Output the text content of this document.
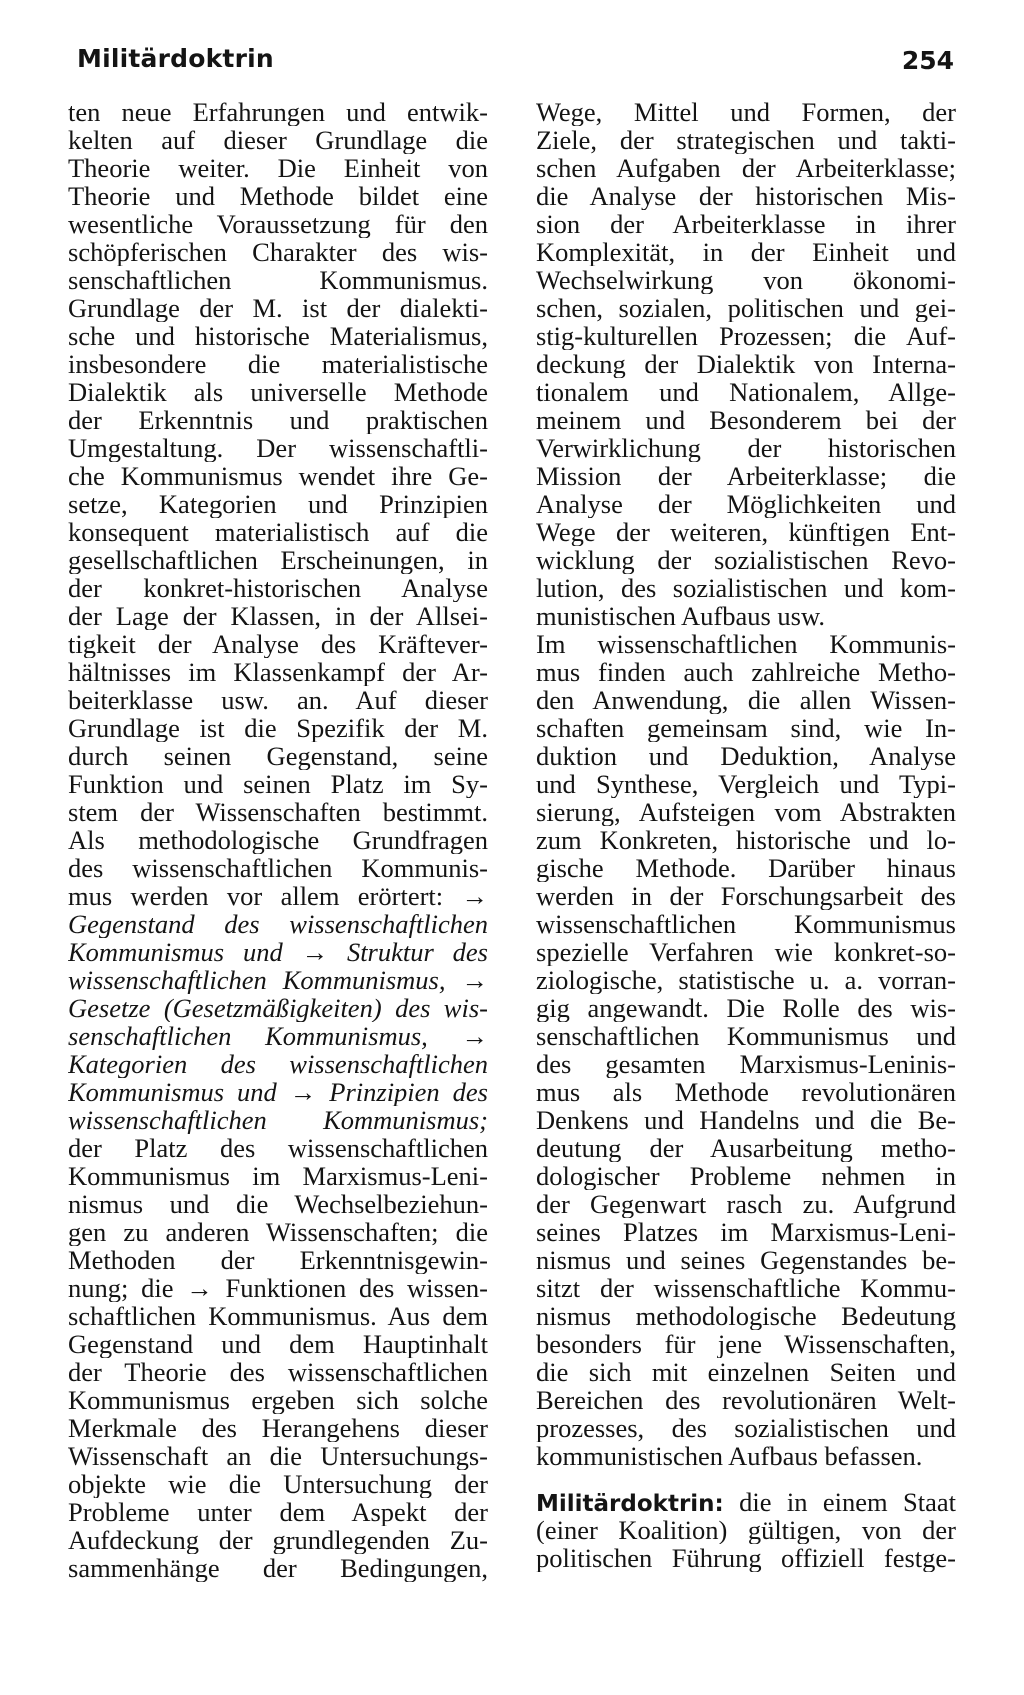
Militärdoktrin	254
ten neue Erfahrungen und entwik-
kelten auf dieser Grundlage die
Theorie weiter. Die Einheit von
Theorie und Methode bildet eine
wesentliche Voraussetzung für den
schöpferischen Charakter des wis-
senschaftlichen Kommunismus.
Grundlage der M. ist der dialekti-
sche und historische Materialismus,
insbesondere die materialistische
Dialektik als universelle Methode
der Erkenntnis und praktischen
Umgestaltung. Der wissenschaftli-
che Kommunismus wendet ihre Ge-
setze, Kategorien und Prinzipien
konsequent materialistisch auf die
gesellschaftlichen Erscheinungen, in
der konkret-historischen Analyse
der Lage der Klassen, in der Allsei-
tigkeit der Analyse des Kräftever-
hältnisses im Klassenkampf der Ar-
beiterklasse usw. an. Auf dieser
Grundlage ist die Spezifik der M.
durch seinen Gegenstand, seine
Funktion und seinen Platz im Sy-
stem der Wissenschaften bestimmt.
Als methodologische Grundfragen
des wissenschaftlichen Kommunis-
mus werden vor allem erörtert: →
Gegenstand des wissenschaftlichen
Kommunismus und → Struktur des
wissenschaftlichen Kommunismus, →
Gesetze (Gesetzmäßigkeiten) des wis-
senschaftlichen Kommunismus, →
Kategorien des wissenschaftlichen
Kommunismus und → Prinzipien des
wissenschaftlichen Kommunismus;
der Platz des wissenschaftlichen
Kommunismus im Marxismus-Leni-
nismus und die Wechselbeziehun-
gen zu anderen Wissenschaften; die
Methoden der Erkenntnisgewin-
nung; die → Funktionen des wissen-
schaftlichen Kommunismus. Aus dem
Gegenstand und dem Hauptinhalt
der Theorie des wissenschaftlichen
Kommunismus ergeben sich solche
Merkmale des Herangehens dieser
Wissenschaft an die Untersuchungs-
objekte wie die Untersuchung der
Probleme unter dem Aspekt der
Aufdeckung der grundlegenden Zu-
sammenhänge der Bedingungen,
Wege, Mittel und Formen, der
Ziele, der strategischen und takti-
schen Aufgaben der Arbeiterklasse;
die Analyse der historischen Mis-
sion der Arbeiterklasse in ihrer
Komplexität, in der Einheit und
Wechselwirkung von ökonomi-
schen, sozialen, politischen und gei-
stig-kulturellen Prozessen; die Auf-
deckung der Dialektik von Interna-
tionalem und Nationalem, Allge-
meinem und Besonderem bei der
Verwirklichung der historischen
Mission der Arbeiterklasse; die
Analyse der Möglichkeiten und
Wege der weiteren, künftigen Ent-
wicklung der sozialistischen Revo-
lution, des sozialistischen und kom-
munistischen Aufbaus usw.
Im wissenschaftlichen Kommunis-
mus finden auch zahlreiche Metho-
den Anwendung, die allen Wissen-
schaften gemeinsam sind, wie In-
duktion und Deduktion, Analyse
und Synthese, Vergleich und Typi-
sierung, Aufsteigen vom Abstrakten
zum Konkreten, historische und lo-
gische Methode. Darüber hinaus
werden in der Forschungsarbeit des
wissenschaftlichen Kommunismus
spezielle Verfahren wie konkret-so-
ziologische, statistische u. a. vorran-
gig angewandt. Die Rolle des wis-
senschaftlichen Kommunismus und
des gesamten Marxismus-Leninis-
mus als Methode revolutionären
Denkens und Handelns und die Be-
deutung der Ausarbeitung metho-
dologischer Probleme nehmen in
der Gegenwart rasch zu. Aufgrund
seines Platzes im Marxismus-Leni-
nismus und seines Gegenstandes be-
sitzt der wissenschaftliche Kommu-
nismus methodologische Bedeutung
besonders für jene Wissenschaften,
die sich mit einzelnen Seiten und
Bereichen des revolutionären Welt-
prozesses, des sozialistischen und
kommunistischen Aufbaus befassen.
Militärdoktrin: die in einem Staat
(einer Koalition) gültigen, von der
politischen Führung offiziell festge-
